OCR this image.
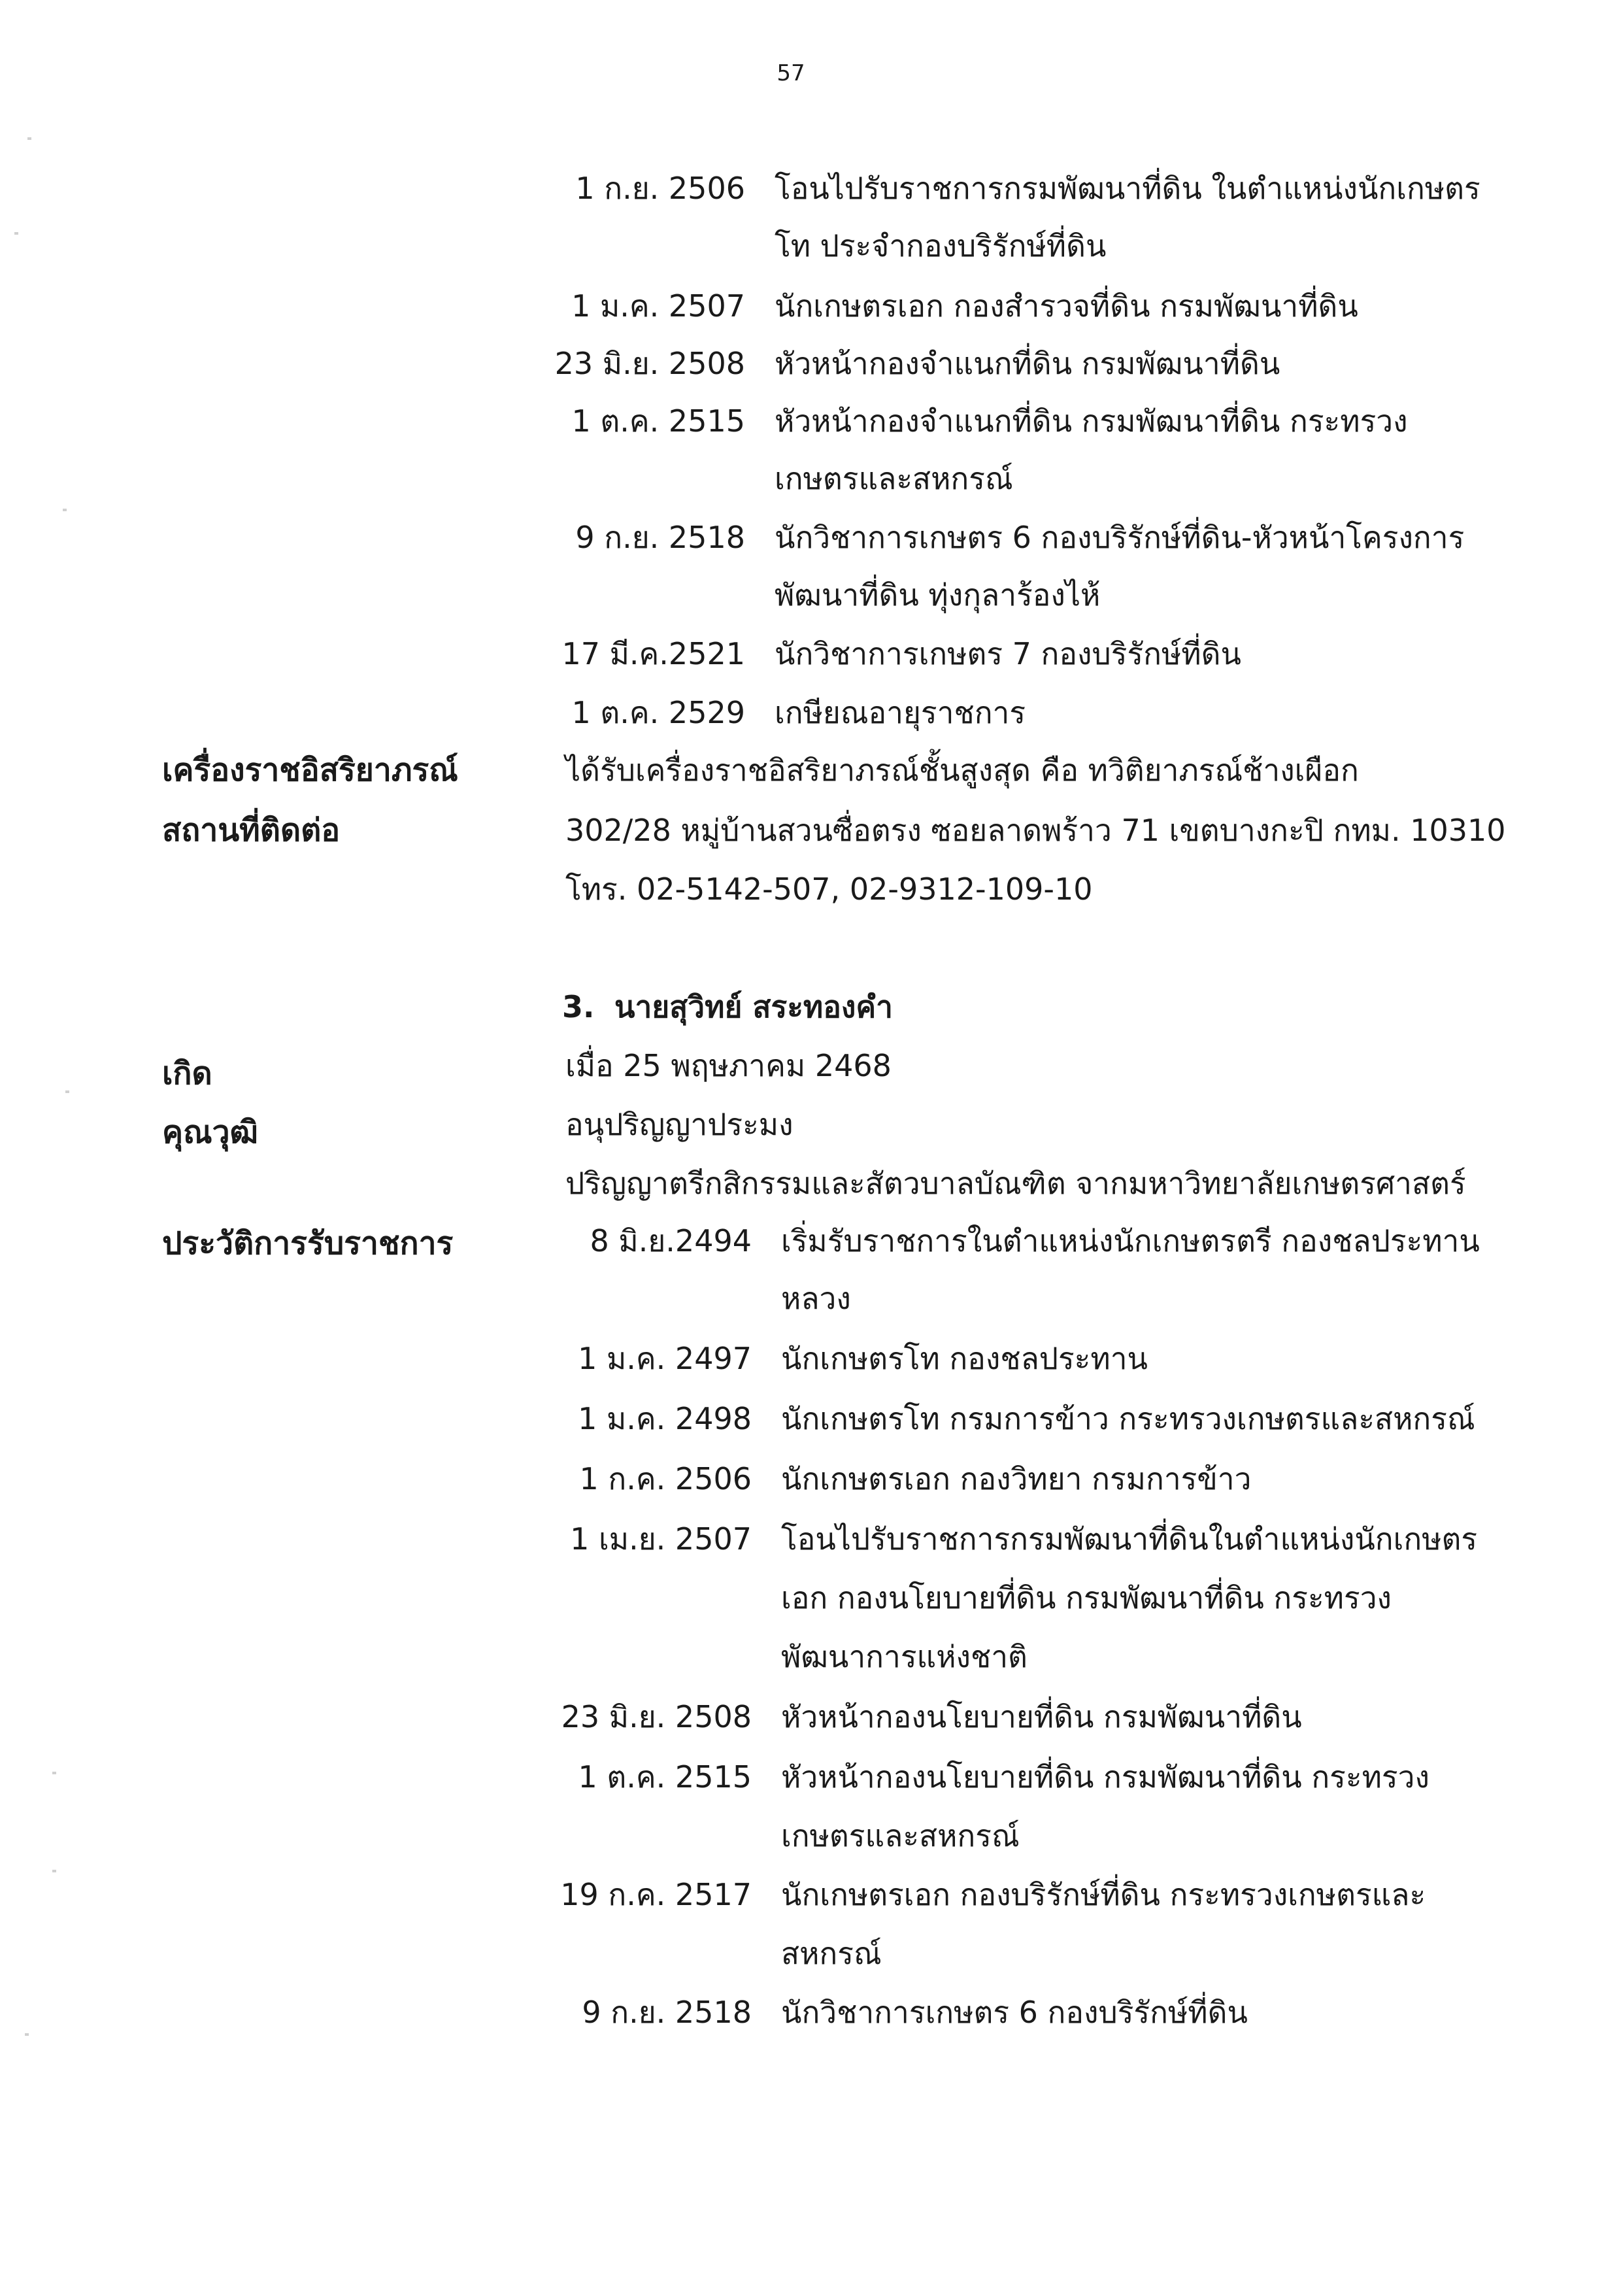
57
1 ก.ย. 2506 โอนไปรับราชการกรมพัฒนาที่ดิน ในตำแหน่งนักเกษตร
โท ประจำกองบริรักษ์ที่ดิน
1 ม.ค. 2507 นักเกษตรเอก กองสำรวจที่ดิน กรมพัฒนาที่ดิน
23 มิ.ย. 2508 หัวหน้ากองจำแนกที่ดิน กรมพัฒนาที่ดิน
1 ต.ค. 2515 หัวหน้ากองจำแนกที่ดิน กรมพัฒนาที่ดิน กระทรวง
เกษตรและสหกรณ์
9 ก.ย. 2518 นักวิชาการเกษตร 6 กองบริรักษ์ที่ดิน-หัวหน้าโครงการ
พัฒนาที่ดิน ทุ่งกุลาร้องไห้
17 มี.ค.2521 นักวิชาการเกษตร 7 กองบริรักษ์ที่ดิน
1 ต.ค. 2529 เกษียณอายุราชการ
เครื่องราชอิสริยาภรณ์	ได้รับเครื่องราชอิสริยาภรณ์ชั้นสูงสุด คือ ทวิติยาภรณ์ช้างเผือก
สถานที่ติดต่อ	302/28 หมู่บ้านสวนซื่อตรง ซอยลาดพร้าว 71 เขตบางกะปิ กทม. 10310
โทร. 02-5142-507, 02-9312-109-10
3. นายสุวิทย์ สระทองคำ
เกิด	เมื่อ 25 พฤษภาคม 2468
คุณวุฒิ	อนุปริญญาประมง
ปริญญาตรีกสิกรรมและสัตวบาลบัณฑิต จากมหาวิทยาลัยเกษตรศาสตร์
ประวัติการรับราชการ	8 มิ.ย.2494 เริ่มรับราชการในตำแหน่งนักเกษตรตรี กองชลประทาน
หลวง
1 ม.ค. 2497 นักเกษตรโท กองชลประทาน
1 ม.ค. 2498 นักเกษตรโท กรมการข้าว กระทรวงเกษตรและสหกรณ์
1 ก.ค. 2506 นักเกษตรเอก กองวิทยา กรมการข้าว
1 เม.ย. 2507 โอนไปรับราชการกรมพัฒนาที่ดินในตำแหน่งนักเกษตร
เอก กองนโยบายที่ดิน กรมพัฒนาที่ดิน กระทรวง
พัฒนาการแห่งชาติ
23 มิ.ย. 2508 หัวหน้ากองนโยบายที่ดิน กรมพัฒนาที่ดิน
1 ต.ค. 2515 หัวหน้ากองนโยบายที่ดิน กรมพัฒนาที่ดิน กระทรวง
เกษตรและสหกรณ์
19 ก.ค. 2517 นักเกษตรเอก กองบริรักษ์ที่ดิน กระทรวงเกษตรและ
สหกรณ์
9 ก.ย. 2518 นักวิชาการเกษตร 6 กองบริรักษ์ที่ดิน
